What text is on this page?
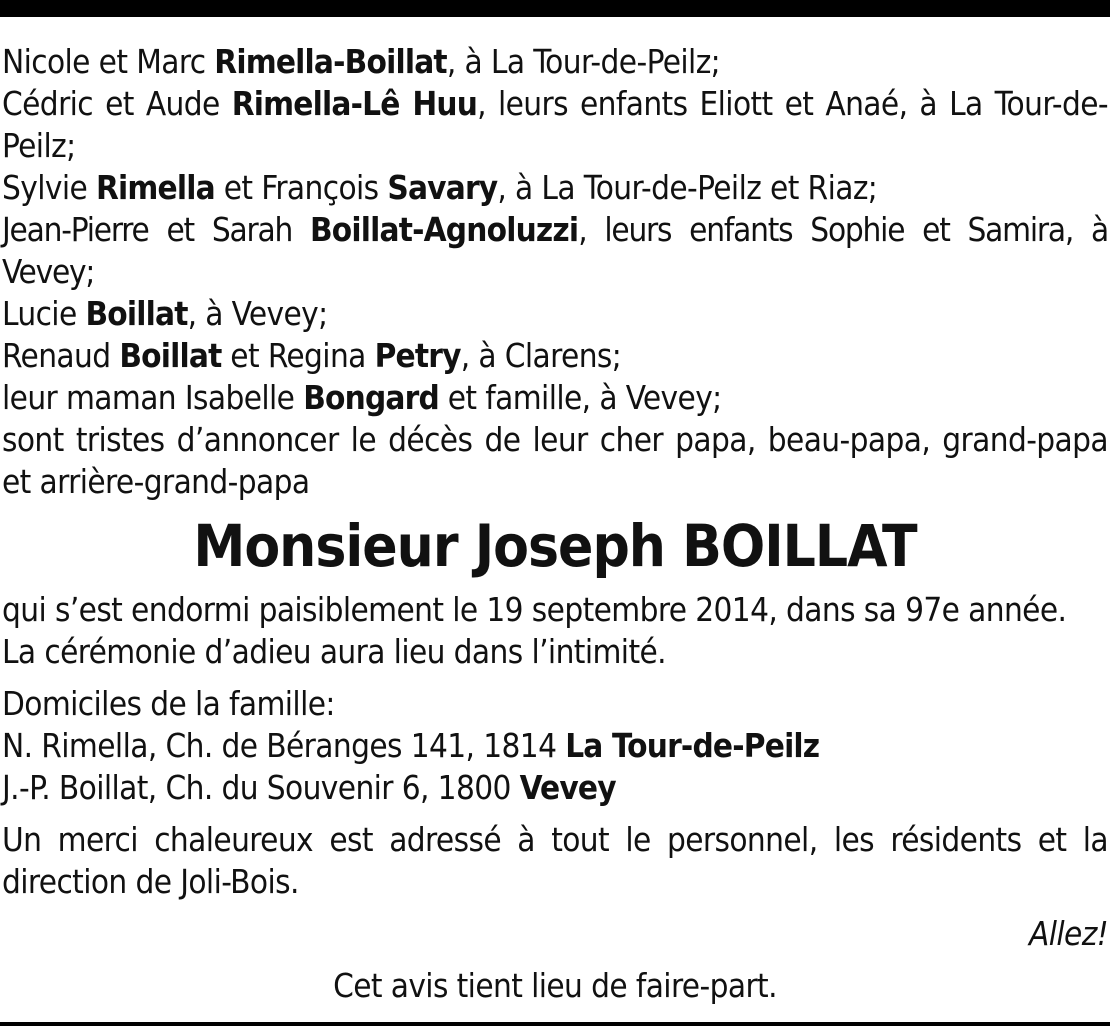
Nicole et Marc Rimella-Boillat, à La Tour-de-Peilz;
Cédric et Aude Rimella-Lê Huu, leurs enfants Eliott et Anaé, à La Tour-de-Peilz;
Sylvie Rimella et François Savary, à La Tour-de-Peilz et Riaz;
Jean-Pierre et Sarah Boillat-Agnoluzzi, leurs enfants Sophie et Samira, à Vevey;
Lucie Boillat, à Vevey;
Renaud Boillat et Regina Petry, à Clarens;
leur maman Isabelle Bongard et famille, à Vevey;
sont tristes d’annoncer le décès de leur cher papa, beau-papa, grand-papa et arrière-grand-papa
Monsieur Joseph BOILLAT

qui s’est endormi paisiblement le 19 septembre 2014, dans sa 97e année.

La cérémonie d’adieu aura lieu dans l’intimité.

Domiciles de la famille:

N. Rimella, Ch. de Béranges 141, 1814 La Tour-de-Peilz

J.-P. Boillat, Ch. du Souvenir 6, 1800 Vevey

Un merci chaleureux est adressé à tout le personnel, les résidents et la direction de Joli-Bois.

Allez!

Cet avis tient lieu de faire-part.
